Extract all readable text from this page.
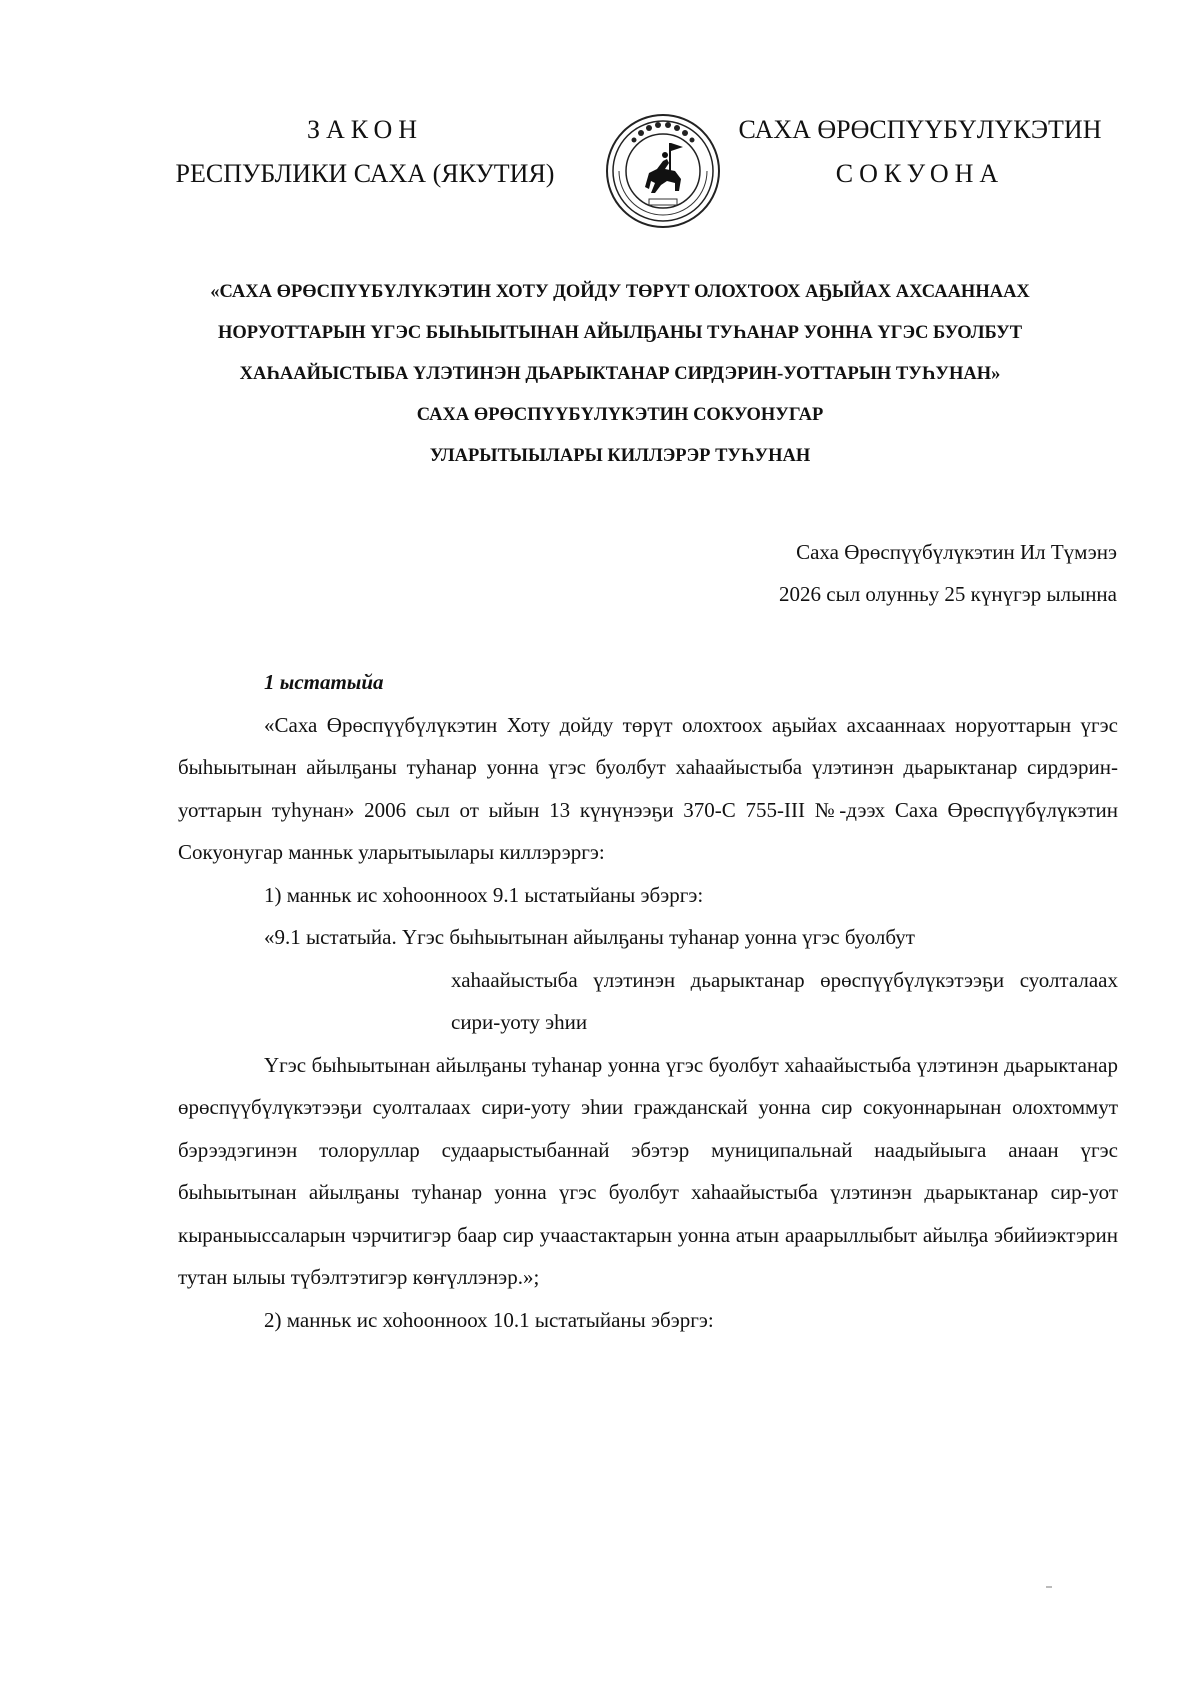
ЗАКОН
РЕСПУБЛИКИ САХА (ЯКУТИЯ)
САХА ӨРӨСПҮҮБҮЛҮКЭТИН
СОКУОНА
«САХА ӨРӨСПҮҮБҮЛҮКЭТИН ХОТУ ДОЙДУ ТӨРҮТ ОЛОХТООХ АҔЫЙАХ АХСААННААХ
НОРУОТТАРЫН ҮГЭС БЫҺЫЫТЫНАН АЙЫЛҔАНЫ ТУҺАНАР УОННА ҮГЭС БУОЛБУТ
ХАҺААЙЫСТЫБА ҮЛЭТИНЭН ДЬАРЫКТАНАР СИРДЭРИН-УОТТАРЫН ТУҺУНАН»
САХА ӨРӨСПҮҮБҮЛҮКЭТИН СОКУОНУГАР
УЛАРЫТЫЫЛАРЫ КИЛЛЭРЭР ТУҺУНАН
Саха Өрөспүүбүлүкэтин Ил Түмэнэ
2026 сыл олунньу 25 күнүгэр ылынна
1 ыстатыйа

«Саха Өрөспүүбүлүкэтин Хоту дойду төрүт олохтоох аҕыйах ахсааннаах норуоттарын үгэс быһыытынан айылҕаны туһанар уонна үгэс буолбут хаһаайыстыба үлэтинэн дьарыктанар сирдэрин-уоттарын туһунан» 2006 сыл от ыйын 13 күнүнээҕи 370-С 755-III №-дээх Саха Өрөспүүбүлүкэтин Сокуонугар манньк уларытыылары киллэрэргэ:

1) манньк ис хоһоонноох 9.1 ыстатыйаны эбэргэ:

«9.1 ыстатыйа. Үгэс быһыытынан айылҕаны туһанар уонна үгэс буолбут
хаһаайыстыба үлэтинэн дьарыктанар өрөспүүбүлүкэтээҕи суолталаах сири-уоту эһии

Үгэс быһыытынан айылҕаны туһанар уонна үгэс буолбут хаһаайыстыба үлэтинэн дьарыктанар өрөспүүбүлүкэтээҕи суолталаах сири-уоту эһии гражданскай уонна сир сокуоннарынан олохтоммут бэрээдэгинэн толоруллар судаарыстыбаннай эбэтэр муниципальнай наадыйыыга анаан үгэс быһыытынан айылҕаны туһанар уонна үгэс буолбут хаһаайыстыба үлэтинэн дьарыктанар сир-уот кыраныыссаларын чэрчитигэр баар сир учаастактарын уонна атын араарыллыбыт айылҕа эбийиэктэрин тутан ылыы түбэлтэтигэр көҥүллэнэр.»;

2) манньк ис хоһоонноох 10.1 ыстатыйаны эбэргэ:
